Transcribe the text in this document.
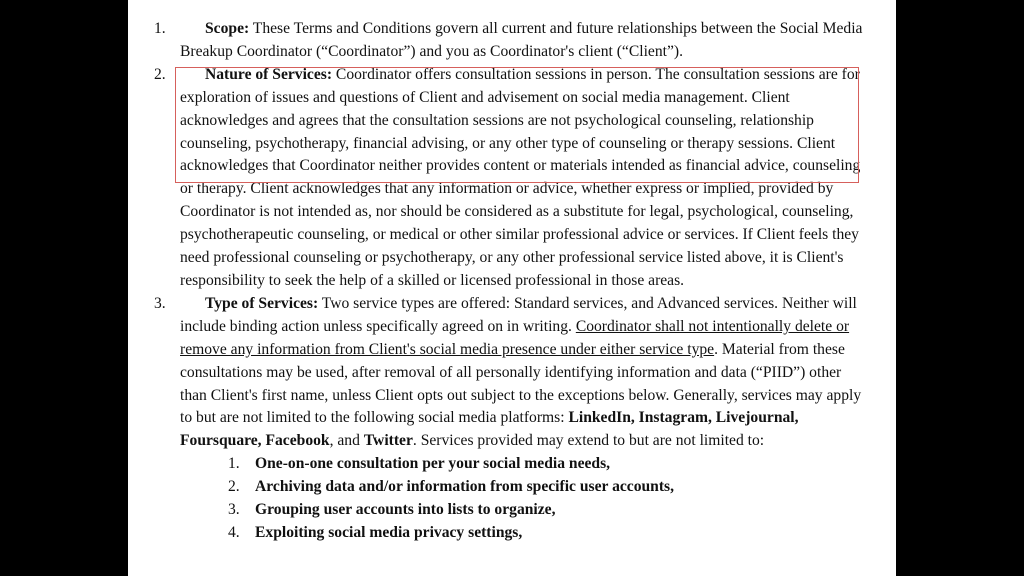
1.	Scope: These Terms and Conditions govern all current and future relationships between the Social Media Breakup Coordinator (“Coordinator”) and you as Coordinator's client (“Client”).
2.	Nature of Services: Coordinator offers consultation sessions in person. The consultation sessions are for exploration of issues and questions of Client and advisement on social media management. Client acknowledges and agrees that the consultation sessions are not psychological counseling, relationship counseling, psychotherapy, financial advising, or any other type of counseling or therapy sessions. Client acknowledges that Coordinator neither provides content or materials intended as financial advice, counseling or therapy. Client acknowledges that any information or advice, whether express or implied, provided by Coordinator is not intended as, nor should be considered as a substitute for legal, psychological, counseling, psychotherapeutic counseling, or medical or other similar professional advice or services. If Client feels they need professional counseling or psychotherapy, or any other professional service listed above, it is Client's responsibility to seek the help of a skilled or licensed professional in those areas.
3.	Type of Services: Two service types are offered: Standard services, and Advanced services. Neither will include binding action unless specifically agreed on in writing. Coordinator shall not intentionally delete or remove any information from Client's social media presence under either service type. Material from these consultations may be used, after removal of all personally identifying information and data (“PIID”) other than Client's first name, unless Client opts out subject to the exceptions below. Generally, services may apply to but are not limited to the following social media platforms: LinkedIn, Instagram, Livejournal, Foursquare, Facebook, and Twitter. Services provided may extend to but are not limited to:
1. One-on-one consultation per your social media needs,
2. Archiving data and/or information from specific user accounts,
3. Grouping user accounts into lists to organize,
4. Exploiting social media privacy settings,
